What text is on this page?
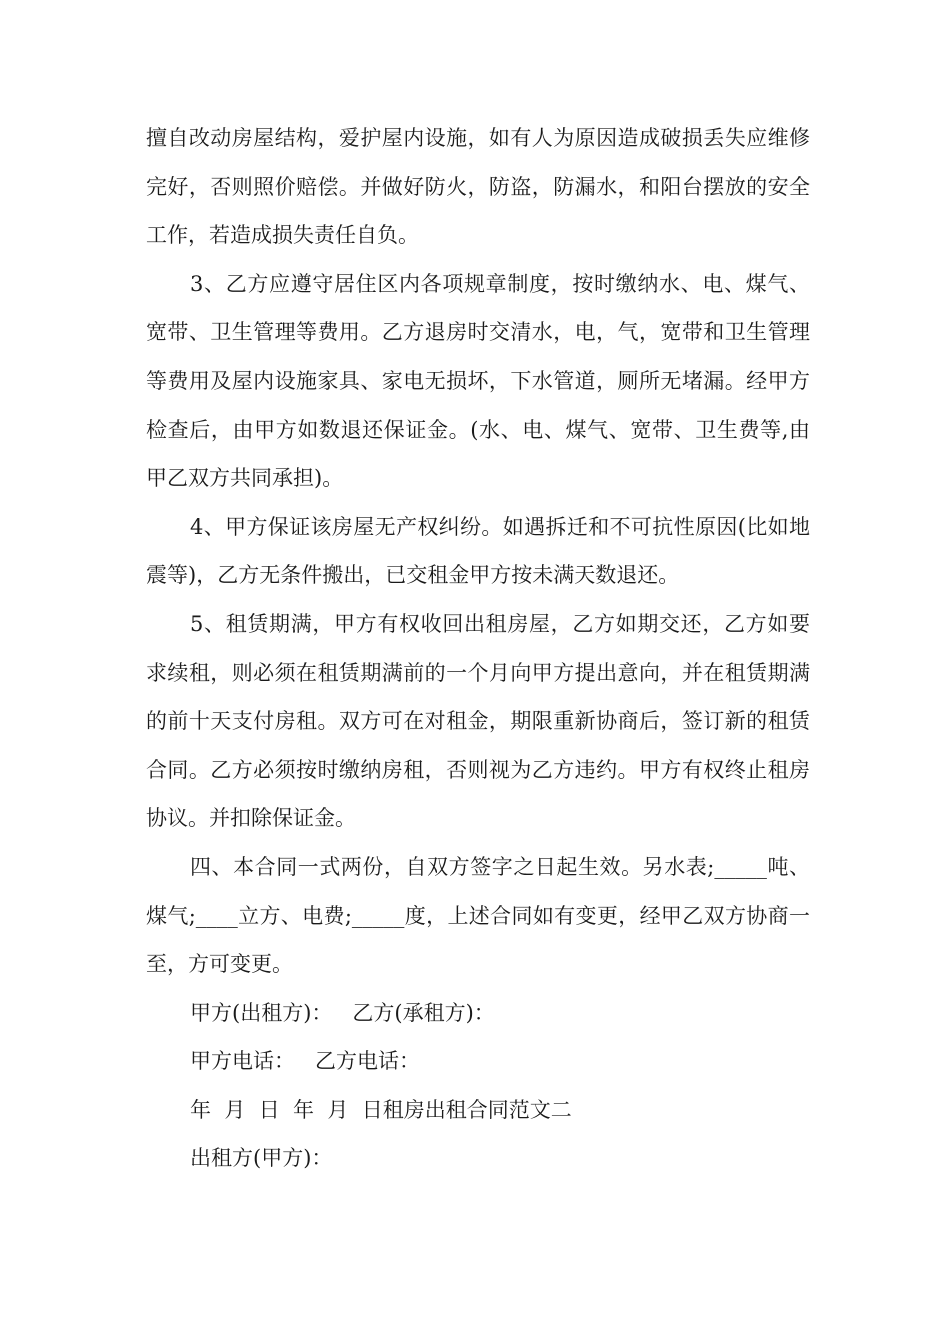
擅自改动房屋结构，爱护屋内设施，如有人为原因造成破损丢失应维修完好，否则照价赔偿。并做好防火，防盗，防漏水，和阳台摆放的安全工作，若造成损失责任自负。

3、乙方应遵守居住区内各项规章制度，按时缴纳水、电、煤气、宽带、卫生管理等费用。乙方退房时交清水，电，气，宽带和卫生管理等费用及屋内设施家具、家电无损坏，下水管道，厕所无堵漏。经甲方检查后，由甲方如数退还保证金。(水、电、煤气、宽带、卫生费等,由甲乙双方共同承担)。

4、甲方保证该房屋无产权纠纷。如遇拆迁和不可抗性原因(比如地震等)，乙方无条件搬出，已交租金甲方按未满天数退还。

5、租赁期满，甲方有权收回出租房屋，乙方如期交还，乙方如要求续租，则必须在租赁期满前的一个月向甲方提出意向，并在租赁期满的前十天支付房租。双方可在对租金，期限重新协商后，签订新的租赁合同。乙方必须按时缴纳房租，否则视为乙方违约。甲方有权终止租房协议。并扣除保证金。

四、本合同一式两份，自双方签字之日起生效。另水表;_____吨、煤气;____立方、电费;_____度，上述合同如有变更，经甲乙双方协商一至，方可变更。

甲方(出租方)：   乙方(承租方)：

甲方电话：   乙方电话：

年  月  日  年  月  日租房出租合同范文二

出租方(甲方)：
